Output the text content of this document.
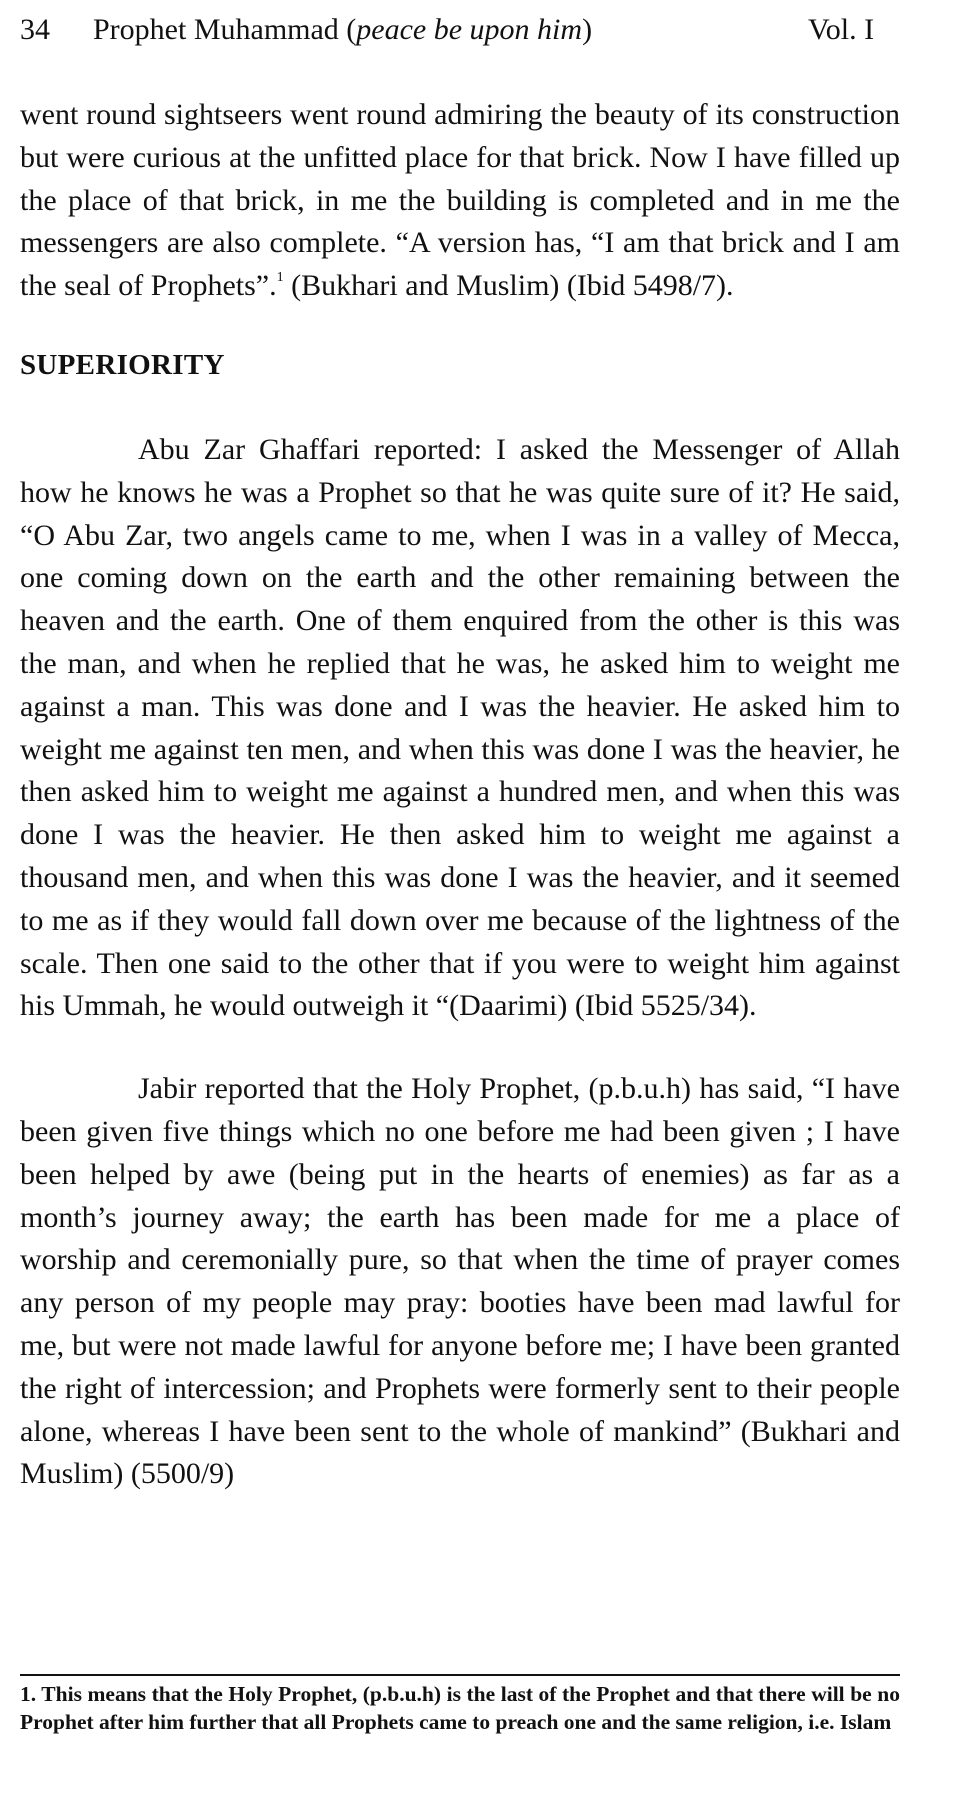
34 Prophet Muhammad (peace be upon him)	Vol. I

went round sightseers went round admiring the beauty of its construction but were curious at the unfitted place for that brick. Now I have filled up the place of that brick, in me the building is completed and in me the messengers are also complete. “A version has, “I am that brick and I am the seal of Prophets”.$^1$ (Bukhari and Muslim) (Ibid 5498/7).

SUPERIORITY

Abu Zar Ghaffari reported: I asked the Messenger of Allah how he knows he was a Prophet so that he was quite sure of it? He said, “O Abu Zar, two angels came to me, when I was in a valley of Mecca, one coming down on the earth and the other remaining between the heaven and the earth. One of them enquired from the other is this was the man, and when he replied that he was, he asked him to weight me against a man. This was done and I was the heavier. He asked him to weight me against ten men, and when this was done I was the heavier, he then asked him to weight me against a hundred men, and when this was done I was the heavier. He then asked him to weight me against a thousand men, and when this was done I was the heavier, and it seemed to me as if they would fall down over me because of the lightness of the scale. Then one said to the other that if you were to weight him against his Ummah, he would outweigh it “(Daarimi) (Ibid 5525/34).

Jabir reported that the Holy Prophet, (p.b.u.h) has said, “I have been given five things which no one before me had been given ; I have been helped by awe (being put in the hearts of enemies) as far as a month’s journey away; the earth has been made for me a place of worship and ceremonially pure, so that when the time of prayer comes any person of my people may pray: booties have been mad lawful for me, but were not made lawful for anyone before me; I have been granted the right of intercession; and Prophets were formerly sent to their people alone, whereas I have been sent to the whole of mankind” (Bukhari and Muslim) (5500/9)

1. This means that the Holy Prophet, (p.b.u.h) is the last of the Prophet and that there will be no Prophet after him further that all Prophets came to preach one and the same religion, i.e. Islam
